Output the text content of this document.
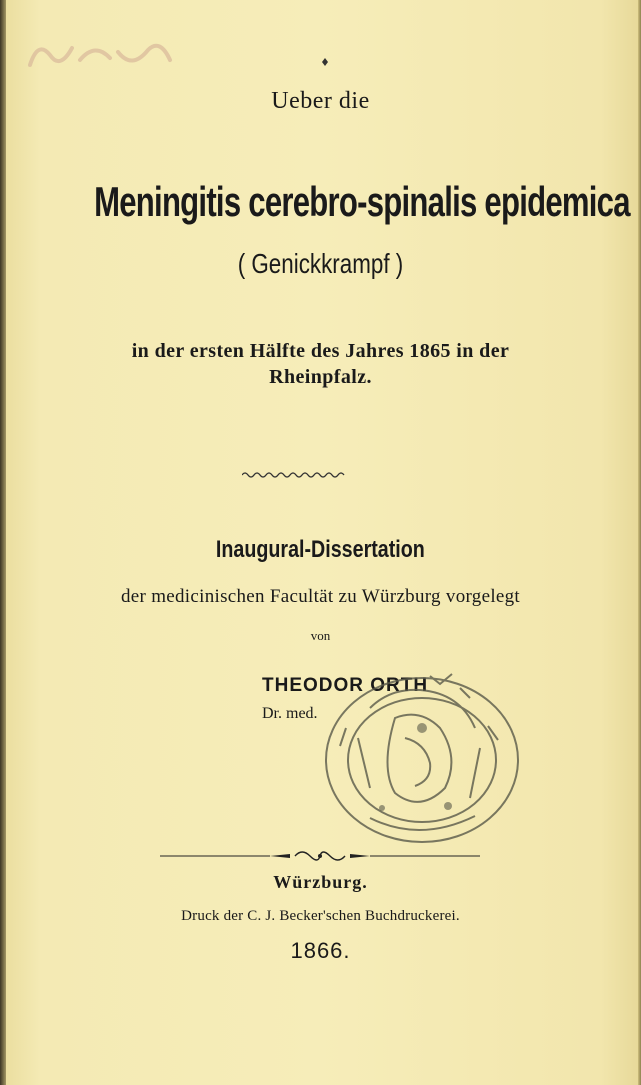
Ueber die
Meningitis cerebro-spinalis epidemica
( Genickkrampf )
in der ersten Hälfte des Jahres 1865 in der
Rheinpfalz.
Inaugural-Dissertation
der medicinischen Facultät zu Würzburg vorgelegt
von
THEODOR ORTH
Dr. med.
Würzburg.
Druck der C. J. Becker'schen Buchdruckerei.
1866.
